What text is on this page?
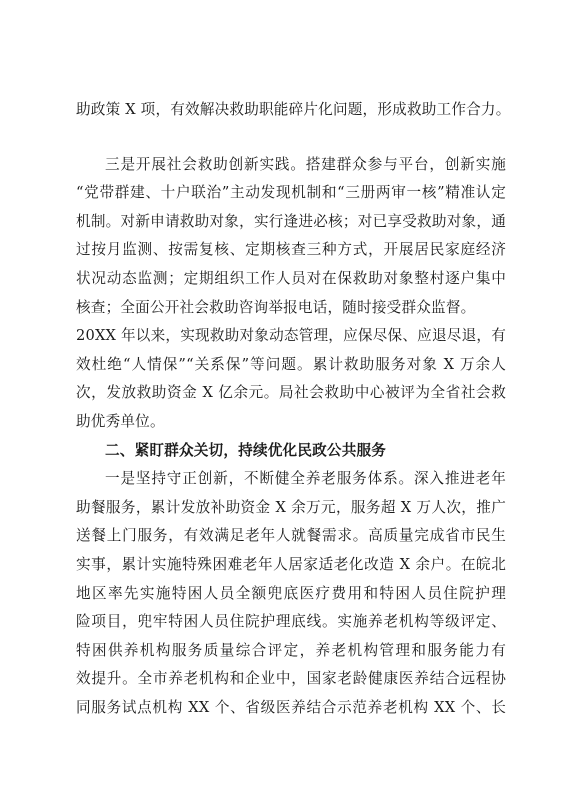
助政策 X 项，有效解决救助职能碎片化问题，形成救助工作合力。
三是开展社会救助创新实践。搭建群众参与平台，创新实施
“党带群建、十户联治”主动发现机制和“三册两审一核”精准认定
机制。对新申请救助对象，实行逢进必核；对已享受救助对象，通
过按月监测、按需复核、定期核查三种方式，开展居民家庭经济
状况动态监测；定期组织工作人员对在保救助对象整村逐户集中
核查；全面公开社会救助咨询举报电话，随时接受群众监督。
20XX 年以来，实现救助对象动态管理，应保尽保、应退尽退，有
效杜绝“人情保”“关系保”等问题。累计救助服务对象 X 万余人
次，发放救助资金 X 亿余元。局社会救助中心被评为全省社会救
助优秀单位。
二、紧盯群众关切，持续优化民政公共服务
一是坚持守正创新，不断健全养老服务体系。深入推进老年
助餐服务，累计发放补助资金 X 余万元，服务超 X 万人次，推广
送餐上门服务，有效满足老年人就餐需求。高质量完成省市民生
实事，累计实施特殊困难老年人居家适老化改造 X 余户。在皖北
地区率先实施特困人员全额兜底医疗费用和特困人员住院护理
险项目，兜牢特困人员住院护理底线。实施养老机构等级评定、
特困供养机构服务质量综合评定，养老机构管理和服务能力有
效提升。全市养老机构和企业中，国家老龄健康医养结合远程协
同服务试点机构 XX 个、省级医养结合示范养老机构 XX 个、长
